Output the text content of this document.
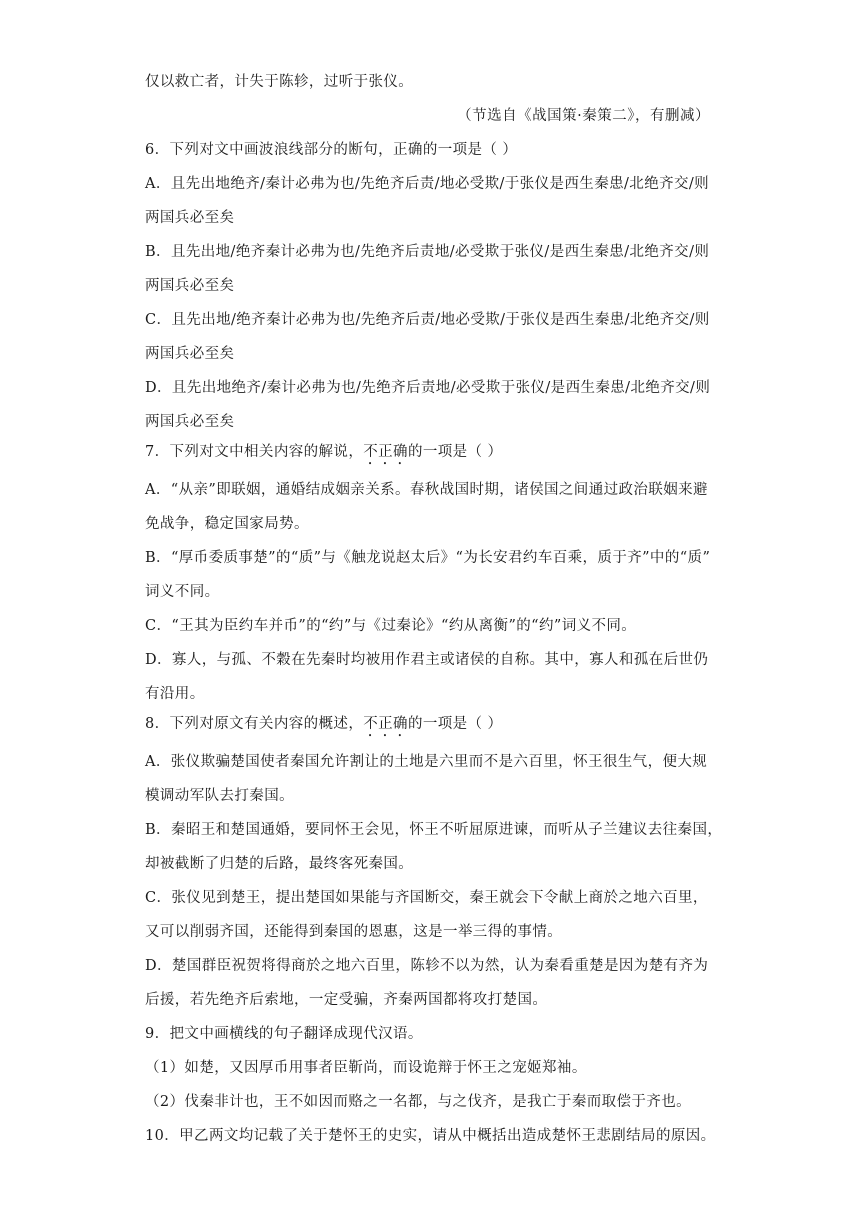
仅以救亡者，计失于陈轸，过听于张仪。
（节选自《战国策·秦策二》，有删减）
6．下列对文中画波浪线部分的断句，正确的一项是（ ）
A．且先出地绝齐/秦计必弗为也/先绝齐后责/地必受欺/于张仪是西生秦患/北绝齐交/则
两国兵必至矣
B．且先出地/绝齐秦计必弗为也/先绝齐后责地/必受欺于张仪/是西生秦患/北绝齐交/则
两国兵必至矣
C．且先出地/绝齐秦计必弗为也/先绝齐后责/地必受欺/于张仪是西生秦患/北绝齐交/则
两国兵必至矣
D．且先出地绝齐/秦计必弗为也/先绝齐后责地/必受欺于张仪/是西生秦患/北绝齐交/则
两国兵必至矣
7．下列对文中相关内容的解说，不正确的一项是（ ）
A．“从亲”即联姻，通婚结成姻亲关系。春秋战国时期，诸侯国之间通过政治联姻来避
免战争，稳定国家局势。
B．“厚币委质事楚”的“质”与《触龙说赵太后》“为长安君约车百乘，质于齐”中的“质”
词义不同。
C．“王其为臣约车并币”的“约”与《过秦论》“约从离衡”的“约”词义不同。
D．寡人，与孤、不穀在先秦时均被用作君主或诸侯的自称。其中，寡人和孤在后世仍
有沿用。
8．下列对原文有关内容的概述，不正确的一项是（ ）
A．张仪欺骗楚国使者秦国允许割让的土地是六里而不是六百里，怀王很生气，便大规
模调动军队去打秦国。
B．秦昭王和楚国通婚，要同怀王会见，怀王不听屈原进谏，而听从子兰建议去往秦国，
却被截断了归楚的后路，最终客死秦国。
C．张仪见到楚王，提出楚国如果能与齐国断交，秦王就会下令献上商於之地六百里，
又可以削弱齐国，还能得到秦国的恩惠，这是一举三得的事情。
D．楚国群臣祝贺将得商於之地六百里，陈轸不以为然，认为秦看重楚是因为楚有齐为
后援，若先绝齐后索地，一定受骗，齐秦两国都将攻打楚国。
9．把文中画横线的句子翻译成现代汉语。
（1）如楚，又因厚币用事者臣靳尚，而设诡辩于怀王之宠姬郑袖。
（2）伐秦非计也，王不如因而赂之一名都，与之伐齐，是我亡于秦而取偿于齐也。
10．甲乙两文均记载了关于楚怀王的史实，请从中概括出造成楚怀王悲剧结局的原因。
